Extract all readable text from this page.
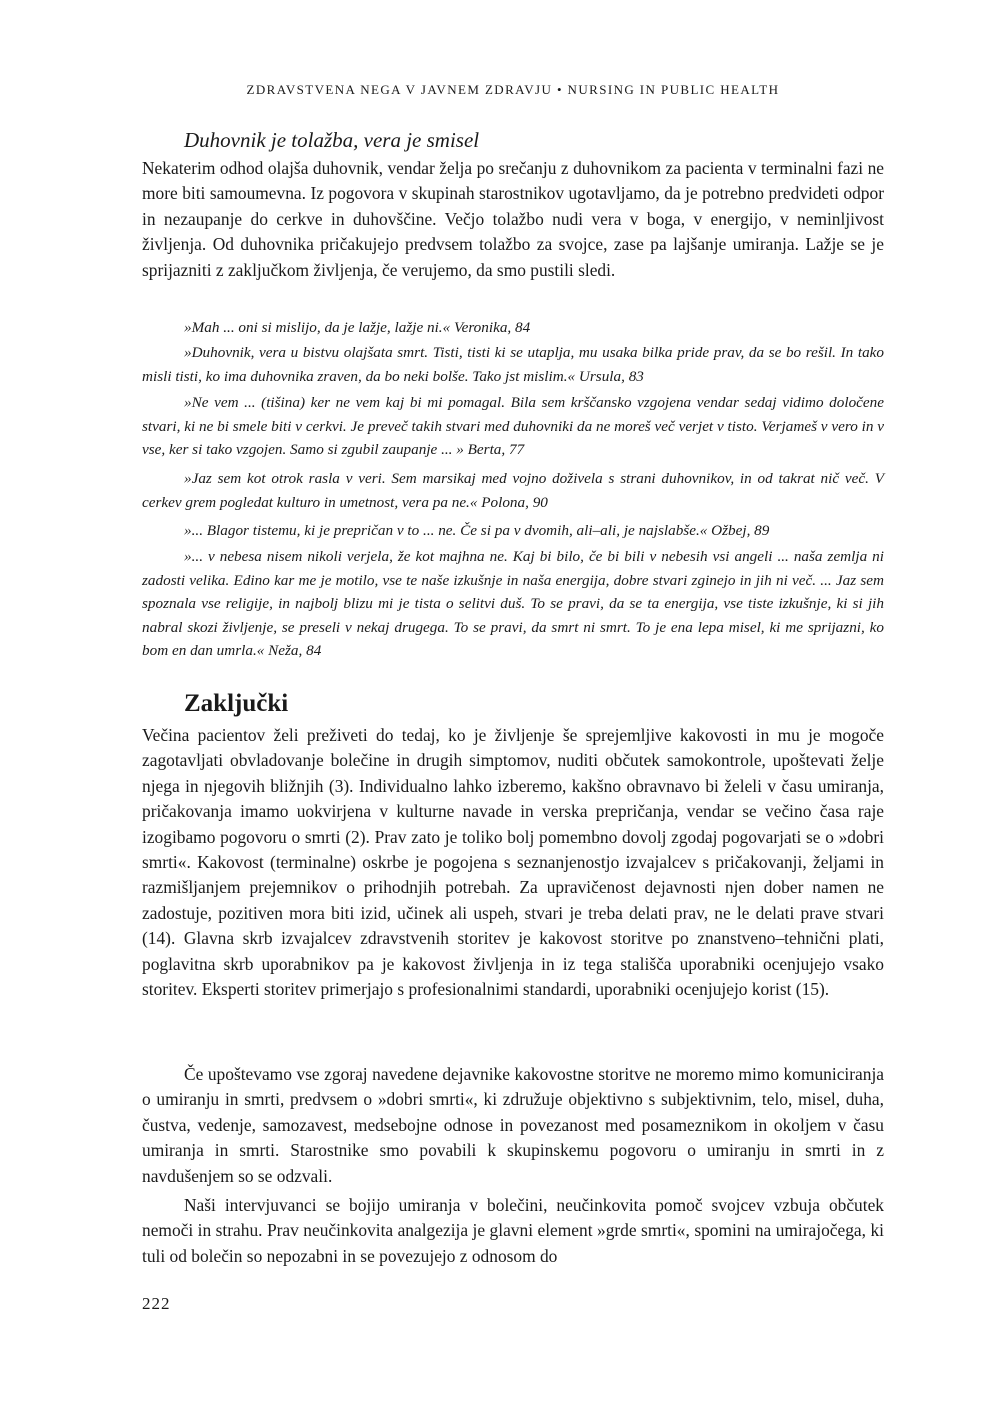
ZDRAVSTVENA NEGA V JAVNEM ZDRAVJU • NURSING IN PUBLIC HEALTH
Duhovnik je tolažba, vera je smisel

Nekaterim odhod olajša duhovnik, vendar želja po srečanju z duhovnikom za pacienta v terminalni fazi ne more biti samoumevna. Iz pogovora v skupinah starostnikov ugotavljamo, da je potrebno predvideti odpor in nezaupanje do cerkve in duhovščine. Večjo tolažbo nudi vera v boga, v energijo, v neminljivost življenja. Od duhovnika pričakujejo predvsem tolažbo za svojce, zase pa lajšanje umiranja. Lažje se je sprijazniti z zaključkom življenja, če verujemo, da smo pustili sledi.

»Mah ... oni si mislijo, da je lažje, lažje ni.« Veronika, 84

»Duhovnik, vera u bistvu olajšata smrt. Tisti, tisti ki se utaplja, mu usaka bilka pride prav, da se bo rešil. In tako misli tisti, ko ima duhovnika zraven, da bo neki bolše. Tako jst mislim.« Ursula, 83

»Ne vem ... (tišina) ker ne vem kaj bi mi pomagal. Bila sem krščansko vzgojena vendar sedaj vidimo določene stvari, ki ne bi smele biti v cerkvi. Je preveč takih stvari med duhovniki da ne moreš več verjet v tisto. Verjameš v vero in v vse, ker si tako vzgojen. Samo si zgubil zaupanje ... » Berta, 77

»Jaz sem kot otrok rasla v veri. Sem marsikaj med vojno doživela s strani duhovnikov, in od takrat nič več. V cerkev grem pogledat kulturo in umetnost, vera pa ne.« Polona, 90

»... Blagor tistemu, ki je prepričan v to ... ne. Če si pa v dvomih, ali–ali, je najslabše.« Ožbej, 89

»... v nebesa nisem nikoli verjela, že kot majhna ne. Kaj bi bilo, če bi bili v nebesih vsi angeli ... naša zemlja ni zadosti velika. Edino kar me je motilo, vse te naše izkušnje in naša energija, dobre stvari zginejo in jih ni več. ... Jaz sem spoznala vse religije, in najbolj blizu mi je tista o selitvi duš. To se pravi, da se ta energija, vse tiste izkušnje, ki si jih nabral skozi življenje, se preseli v nekaj drugega. To se pravi, da smrt ni smrt. To je ena lepa misel, ki me sprijazni, ko bom en dan umrla.« Neža, 84

Zaključki

Večina pacientov želi preživeti do tedaj, ko je življenje še sprejemljive kakovosti in mu je mogoče zagotavljati obvladovanje bolečine in drugih simptomov, nuditi občutek samokontrole, upoštevati želje njega in njegovih bližnjih (3). Individualno lahko izberemo, kakšno obravnavo bi želeli v času umiranja, pričakovanja imamo uokvirjena v kulturne navade in verska prepričanja, vendar se večino časa raje izogibamo pogovoru o smrti (2). Prav zato je toliko bolj pomembno dovolj zgodaj pogovarjati se o »dobri smrti«. Kakovost (terminalne) oskrbe je pogojena s seznanjenostjo izvajalcev s pričakovanji, željami in razmišljanjem prejemnikov o prihodnjih potrebah. Za upravičenost dejavnosti njen dober namen ne zadostuje, pozitiven mora biti izid, učinek ali uspeh, stvari je treba delati prav, ne le delati prave stvari (14). Glavna skrb izvajalcev zdravstvenih storitev je kakovost storitve po znanstveno–tehnični plati, poglavitna skrb uporabnikov pa je kakovost življenja in iz tega stališča uporabniki ocenjujejo vsako storitev. Eksperti storitev primerjajo s profesionalnimi standardi, uporabniki ocenjujejo korist (15).

Če upoštevamo vse zgoraj navedene dejavnike kakovostne storitve ne moremo mimo komuniciranja o umiranju in smrti, predvsem o »dobri smrti«, ki združuje objektivno s subjektivnim, telo, misel, duha, čustva, vedenje, samozavest, medsebojne odnose in povezanost med posameznikom in okoljem v času umiranja in smrti. Starostnike smo povabili k skupinskemu pogovoru o umiranju in smrti in z navdušenjem so se odzvali.

Naši intervjuvanci se bojijo umiranja v bolečini, neučinkovita pomoč svojcev vzbuja občutek nemoči in strahu. Prav neučinkovita analgezija je glavni element »grde smrti«, spomini na umirajočega, ki tuli od bolečin so nepozabni in se povezujejo z odnosom do

222
